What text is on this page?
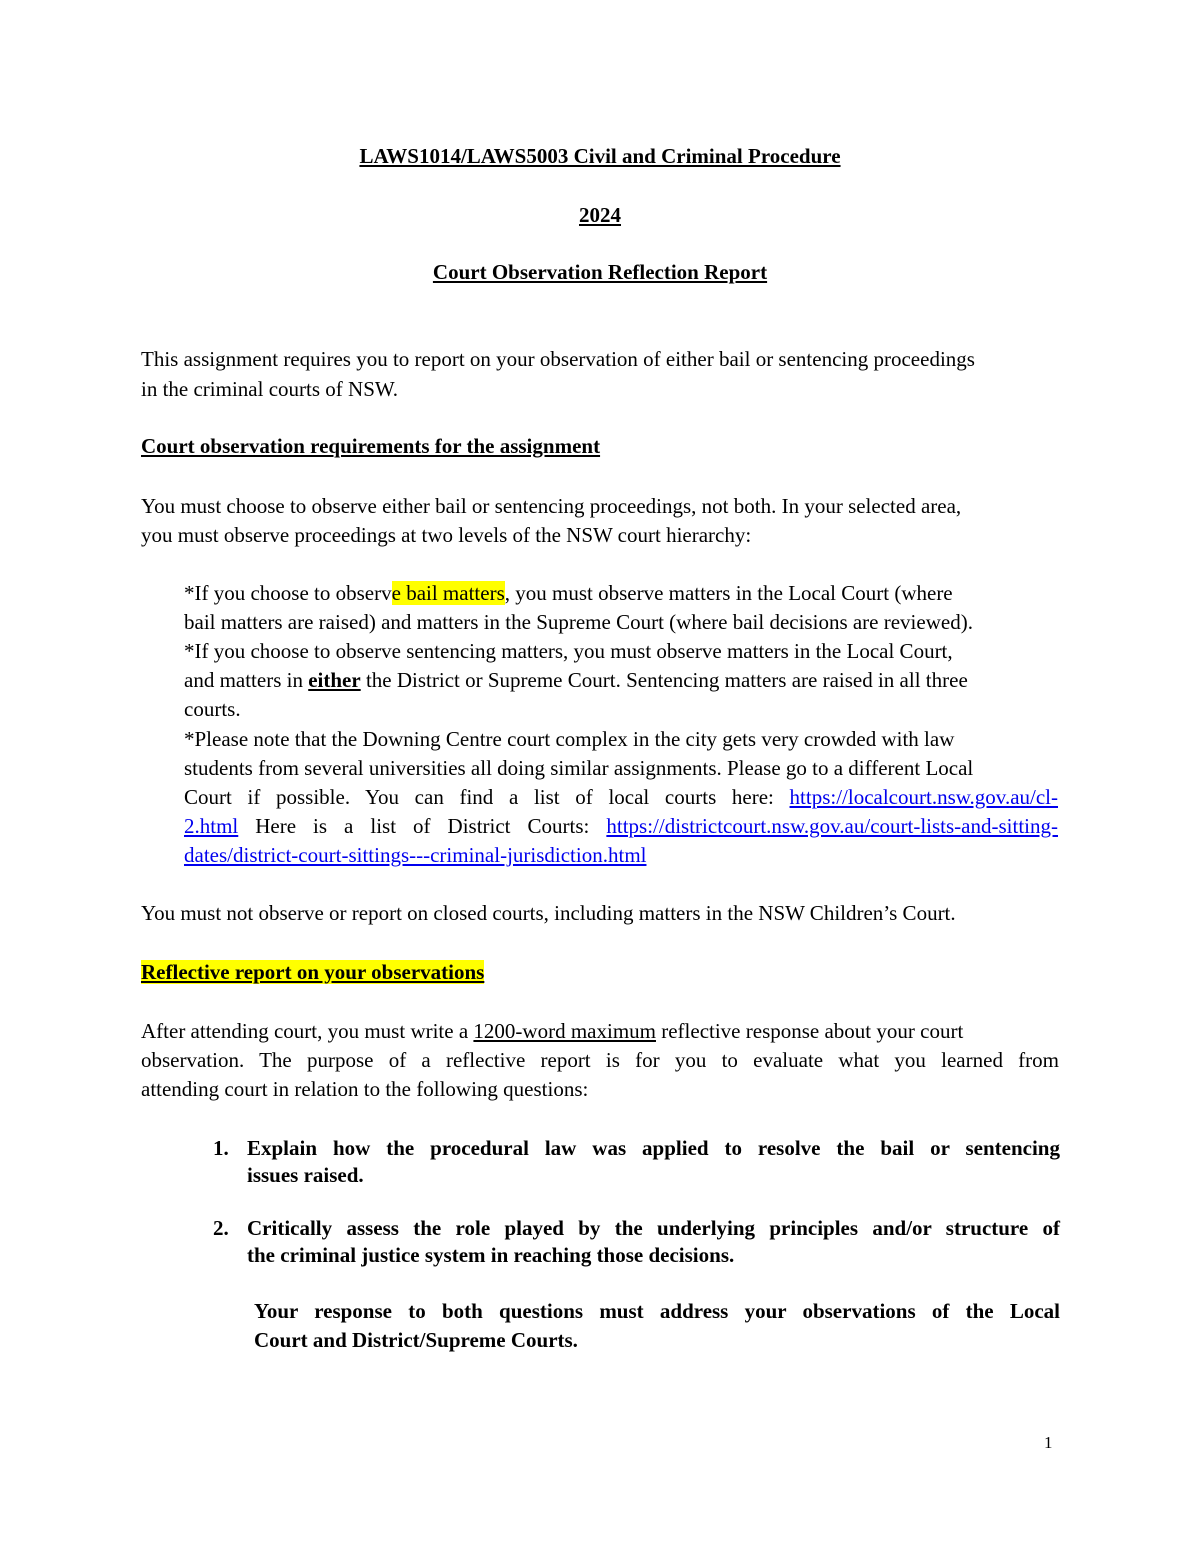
LAWS1014/LAWS5003 Civil and Criminal Procedure

2024

Court Observation Reflection Report

This assignment requires you to report on your observation of either bail or sentencing proceedings

in the criminal courts of NSW.

Court observation requirements for the assignment

You must choose to observe either bail or sentencing proceedings, not both. In your selected area,

you must observe proceedings at two levels of the NSW court hierarchy:

*If you choose to observe bail matters, you must observe matters in the Local Court (where

bail matters are raised) and matters in the Supreme Court (where bail decisions are reviewed).

*If you choose to observe sentencing matters, you must observe matters in the Local Court,

and matters in either the District or Supreme Court. Sentencing matters are raised in all three

courts.

*Please note that the Downing Centre court complex in the city gets very crowded with law

students from several universities all doing similar assignments. Please go to a different Local

Court if possible. You can find a list of local courts here: https://localcourt.nsw.gov.au/cl-

2.html Here is a list of District Courts: https://districtcourt.nsw.gov.au/court-lists-and-sitting-

dates/district-court-sittings---criminal-jurisdiction.html

You must not observe or report on closed courts, including matters in the NSW Children’s Court.

Reflective report on your observations

After attending court, you must write a 1200-word maximum reflective response about your court

observation. The purpose of a reflective report is for you to evaluate what you learned from

attending court in relation to the following questions:

1. Explain how the procedural law was applied to resolve the bail or sentencing

issues raised.

2. Critically assess the role played by the underlying principles and/or structure of

the criminal justice system in reaching those decisions.

Your response to both questions must address your observations of the Local

Court and District/Supreme Courts.

1
